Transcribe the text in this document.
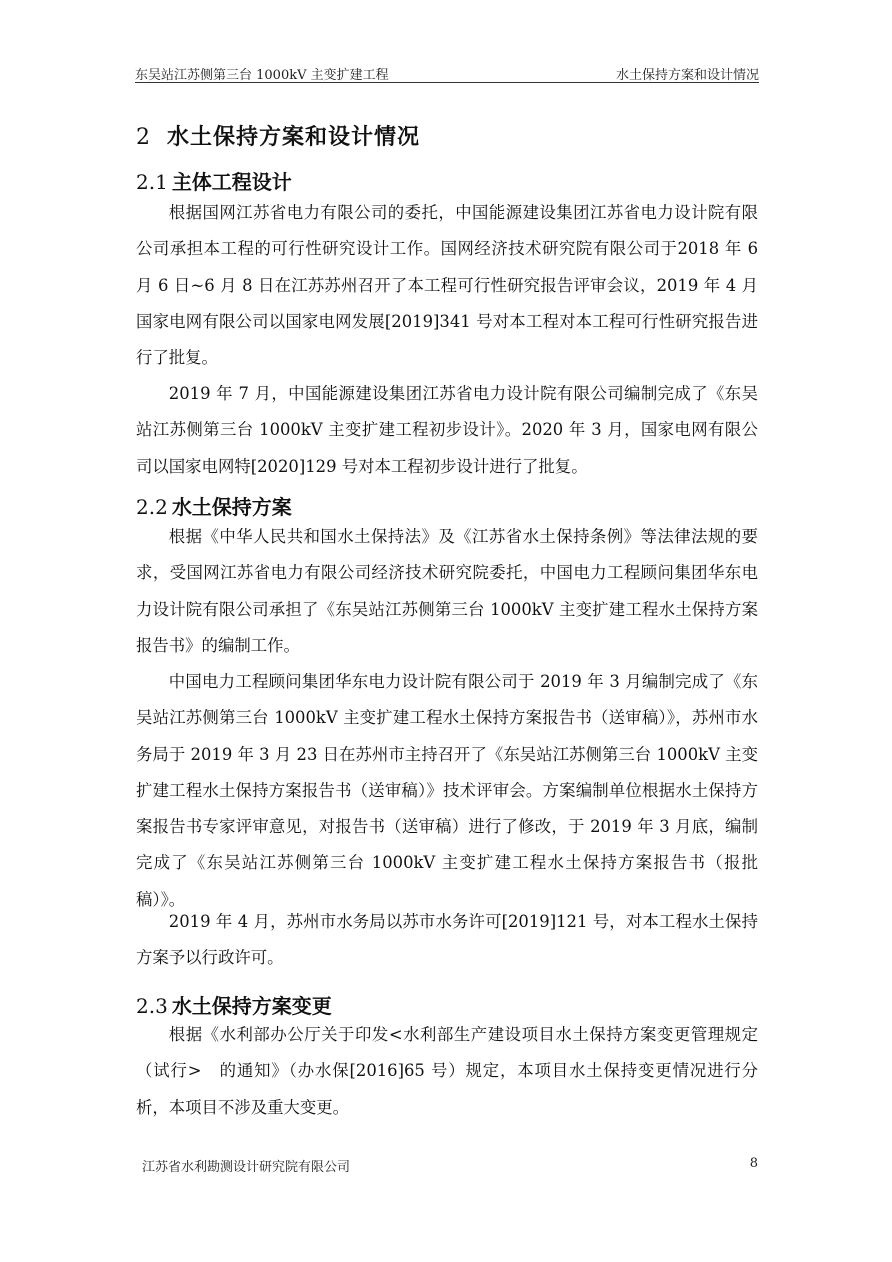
东吴站江苏侧第三台 1000kV 主变扩建工程	水土保持方案和设计情况
2 水土保持方案和设计情况
2.1 主体工程设计

根据国网江苏省电力有限公司的委托，中国能源建设集团江苏省电力设计院有限公司承担本工程的可行性研究设计工作。国网经济技术研究院有限公司于2018 年 6 月 6 日~6 月 8 日在江苏苏州召开了本工程可行性研究报告评审会议，2019 年 4 月国家电网有限公司以国家电网发展[2019]341 号对本工程对本工程可行性研究报告进行了批复。

2019 年 7 月，中国能源建设集团江苏省电力设计院有限公司编制完成了《东吴站江苏侧第三台 1000kV 主变扩建工程初步设计》。2020 年 3 月，国家电网有限公司以国家电网特[2020]129 号对本工程初步设计进行了批复。

2.2 水土保持方案

根据《中华人民共和国水土保持法》及《江苏省水土保持条例》等法律法规的要求，受国网江苏省电力有限公司经济技术研究院委托，中国电力工程顾问集团华东电力设计院有限公司承担了《东吴站江苏侧第三台 1000kV 主变扩建工程水土保持方案报告书》的编制工作。

中国电力工程顾问集团华东电力设计院有限公司于 2019 年 3 月编制完成了《东吴站江苏侧第三台 1000kV 主变扩建工程水土保持方案报告书（送审稿）》，苏州市水务局于 2019 年 3 月 23 日在苏州市主持召开了《东吴站江苏侧第三台 1000kV 主变扩建工程水土保持方案报告书（送审稿）》技术评审会。方案编制单位根据水土保持方案报告书专家评审意见，对报告书（送审稿）进行了修改，于 2019 年 3 月底，编制完成了《东吴站江苏侧第三台 1000kV 主变扩建工程水土保持方案报告书（报批稿）》。

2019 年 4 月，苏州市水务局以苏市水务许可[2019]121 号，对本工程水土保持方案予以行政许可。

2.3 水土保持方案变更

根据《水利部办公厅关于印发<水利部生产建设项目水土保持方案变更管理规定（试行>　的通知》（办水保[2016]65 号）规定，本项目水土保持变更情况进行分析，本项目不涉及重大变更。

江苏省水利勘测设计研究院有限公司	8
